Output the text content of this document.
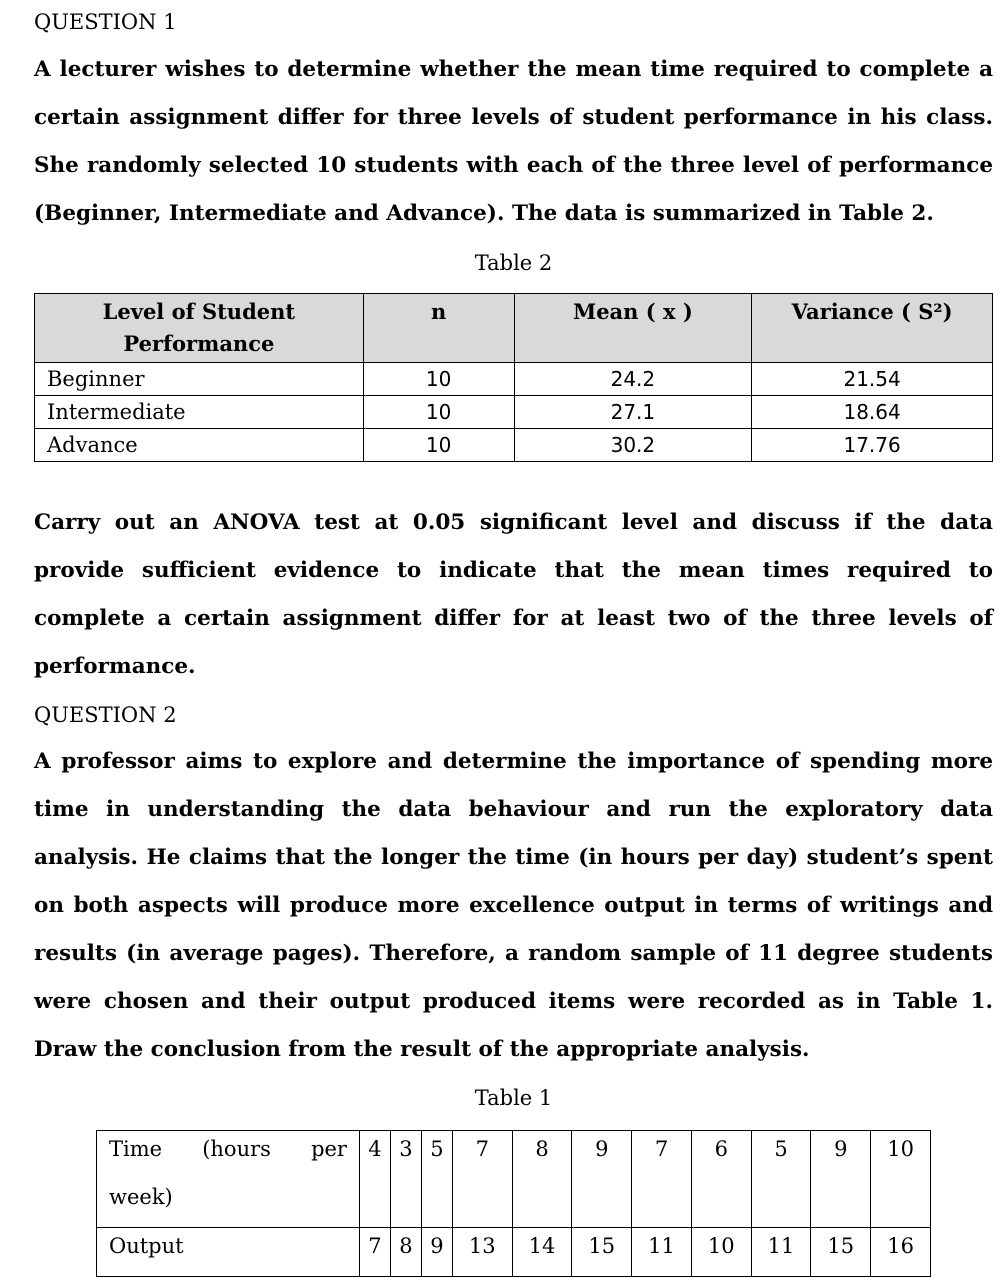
QUESTION 1
A lecturer wishes to determine whether the mean time required to complete a certain assignment differ for three levels of student performance in his class. She randomly selected 10 students with each of the three level of performance (Beginner, Intermediate and Advance). The data is summarized in Table 2.
Table 2
Level of Student Performance	n	Mean ( x )	Variance ( S²)
Beginner	10	24.2	21.54
Intermediate	10	27.1	18.64
Advance	10	30.2	17.76
Carry out an ANOVA test at 0.05 significant level and discuss if the data provide sufficient evidence to indicate that the mean times required to complete a certain assignment differ for at least two of the three levels of performance.
QUESTION 2
A professor aims to explore and determine the importance of spending more time in understanding the data behaviour and run the exploratory data analysis. He claims that the longer the time (in hours per day) student’s spent on both aspects will produce more excellence output in terms of writings and results (in average pages). Therefore, a random sample of 11 degree students were chosen and their output produced items were recorded as in Table 1. Draw the conclusion from the result of the appropriate analysis.
Table 1
Time (hours per
week)	4	3	5	7	8	9	7	6	5	9	10
Output	7	8	9	13	14	15	11	10	11	15	16
